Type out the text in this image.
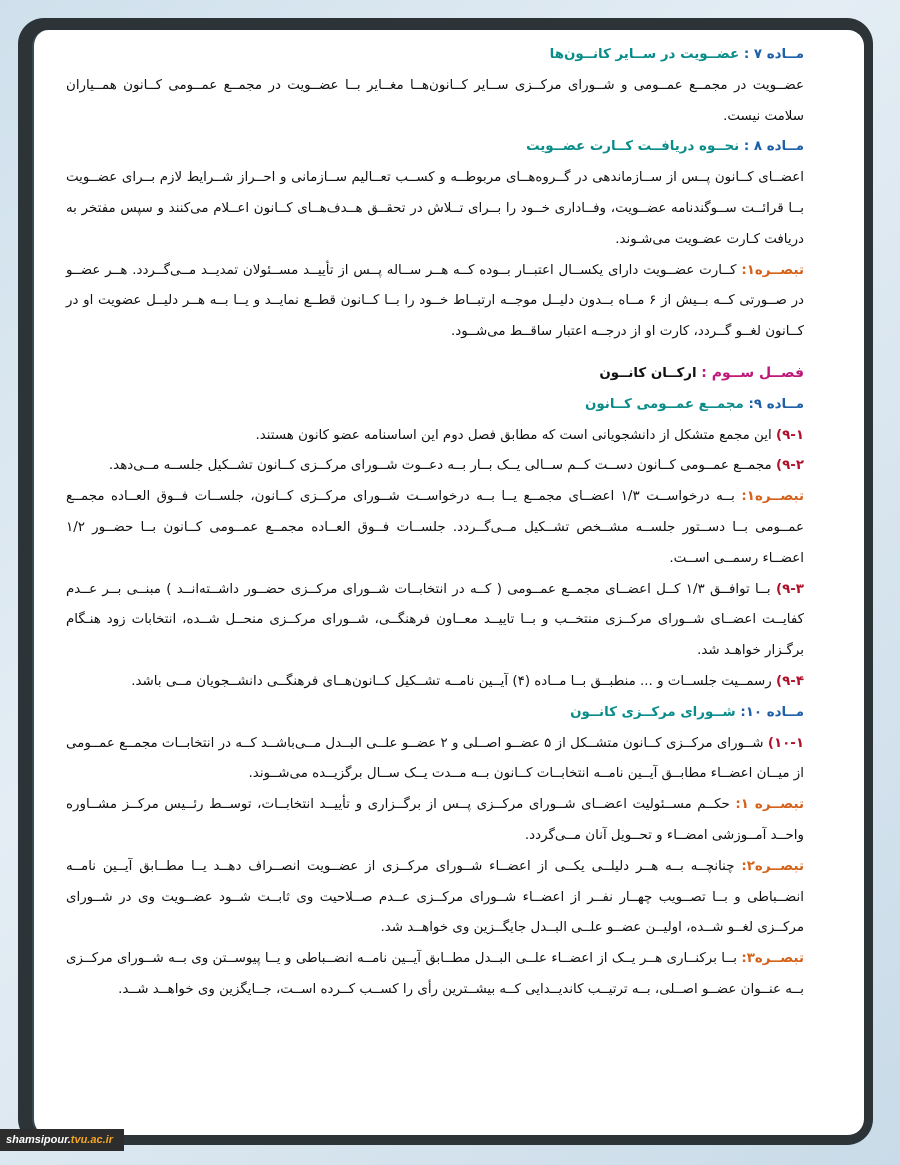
مــاده ۷ : عضــویت در ســایر کانــون‌ها

عضــویت در مجمــع عمــومی و شــورای مرکــزی ســایر کــانون‌هــا مغــایر بــا عضــویت در مجمــع عمــومی کــانون همــیاران سلامت نیست.

مــاده ۸ : نحــوه دریافــت کــارت عضــویت

اعضــای کــانون پــس از ســازماندهی در گــروه‌هــای مربوطــه و کســب تعــالیم ســازمانی و احــراز شــرایط لازم بــرای عضــویت بــا قرائــت ســوگندنامه عضــویت، وفــاداری خــود را بــرای تــلاش در تحقــق هــدف‌هــای کــانون اعــلام می‌کنند و سپس مفتخر به دریافت کـارت عضـویت می‌شـوند.

تبصــره۱: کــارت عضــویت دارای یکســال اعتبــار بــوده کــه هــر ســاله پــس از تأییــد مســئولان تمدیــد مــی‌گــردد. هــر عضــو در صــورتی کــه بــیش از ۶ مــاه بــدون دلیــل موجــه ارتبــاط خــود را بــا کــانون قطــع نمایــد و یــا بــه هــر دلیــل عضویت او در کــانون لغــو گــردد، کارت او از درجــه اعتبار ساقــط می‌شــود.

فصــل ســوم : ارکــان کانــون

مــاده ۹: مجمــع عمــومی کــانون

۹-۱) این مجمع متشکل از دانشجویانی است که مطابق فصل دوم این اساسنامه عضو کانون هستند.

۹-۲) مجمــع عمــومی کــانون دســت کــم ســالی یــک بــار بــه دعــوت شــورای مرکــزی کــانون تشــکیل جلســه مــی‌دهد.

تبصــره۱: بــه درخواســت ۱/۳ اعضــای مجمــع یــا بــه درخواســت شــورای مرکــزی کــانون، جلســات فــوق العــاده مجمــع عمــومی بــا دســتور جلســه مشــخص تشــکیل مــی‌گــردد. جلســات فــوق العــاده مجمــع عمــومی کــانون بــا حضــور ۱/۲ اعضــاء رسمــی اســت.

۹-۳) بــا توافــق ۱/۳ کــل اعضــای مجمــع عمــومی ( کــه در انتخابــات شــورای مرکــزی حضــور داشــته‌انــد ) مبنــی بــر عــدم کفایــت اعضــای شــورای مرکــزی منتخــب و بــا تاییــد معــاون فرهنگــی، شــورای مرکــزی منحــل شــده، انتخابات زود هنـگام برگـزار خواهـد شد.

۹-۴) رسمــیت جلســات و ... منطبــق بــا مــاده (۴) آیــین نامــه تشــکیل کــانون‌هــای فرهنگــی دانشــجویان مــی باشد.

مــاده ۱۰: شــورای مرکــزی کانــون

۱۰-۱) شــورای مرکــزی کــانون متشــکل از ۵ عضــو اصــلی و ۲ عضــو علــی البــدل مــی‌باشــد کــه در انتخابــات مجمــع عمــومی از میــان اعضــاء مطابــق آیــین نامــه انتخابــات کــانون بــه مــدت یــک ســال برگزیــده می‌شــوند.

تبصــره ۱: حکــم مســئولیت اعضــای شــورای مرکــزی پــس از برگــزاری و تأییــد انتخابــات، توســط رئــیس مرکــز مشــاوره واحــد آمــوزشی امضــاء و تحــویل آنان مــی‌گردد.

تبصــره۲: چنانچــه بــه هــر دلیلــی یکــی از اعضــاء شــورای مرکــزی از عضــویت انصــراف دهــد یــا مطــابق آیــین نامــه انضــباطی و بــا تصــویب چهــار نفــر از اعضــاء شــورای مرکــزی عــدم صــلاحیت وی ثابــت شــود عضــویت وی در شــورای مرکــزی لغــو شــده، اولیــن عضــو علــی البــدل جایگــزین وی خواهــد شد.

تبصــره۳: بــا برکنــاری هــر یــک از اعضــاء علــی البــدل مطــابق آیــین نامــه انضــباطی و یــا پیوســتن وی بــه شــورای مرکــزی بــه عنــوان عضــو اصــلی، بــه ترتیــب کاندیــدایی کــه بیشــترین رأی را کســب کــرده اســت، جــایگزین وی خواهــد شــد.

shamsipour.tvu.ac.ir
